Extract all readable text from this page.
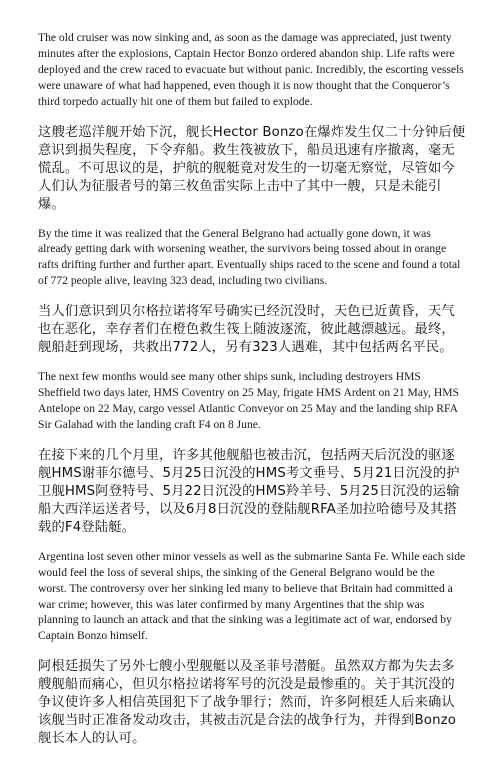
The old cruiser was now sinking and, as soon as the damage was appreciated, just twenty minutes after the explosions, Captain Hector Bonzo ordered abandon ship. Life rafts were deployed and the crew raced to evacuate but without panic. Incredibly, the escorting vessels were unaware of what had happened, even though it is now thought that the Conqueror’s third torpedo actually hit one of them but failed to explode.

这艘老巡洋舰开始下沉，舰长Hector Bonzo在爆炸发生仅二十分钟后便意识到损失程度，下令弃船。救生筏被放下，船员迅速有序撤离，毫无慌乱。不可思议的是，护航的舰艇竟对发生的一切毫无察觉，尽管如今人们认为征服者号的第三枚鱼雷实际上击中了其中一艘，只是未能引爆。

By the time it was realized that the General Belgrano had actually gone down, it was already getting dark with worsening weather, the survivors being tossed about in orange rafts drifting further and further apart. Eventually ships raced to the scene and found a total of 772 people alive, leaving 323 dead, including two civilians.

当人们意识到贝尔格拉诺将军号确实已经沉没时，天色已近黄昏，天气也在恶化，幸存者们在橙色救生筏上随波逐流，彼此越漂越远。最终，舰船赶到现场，共救出772人，另有323人遇难，其中包括两名平民。

The next few months would see many other ships sunk, including destroyers HMS Sheffield two days later, HMS Coventry on 25 May, frigate HMS Ardent on 21 May, HMS Antelope on 22 May, cargo vessel Atlantic Conveyor on 25 May and the landing ship RFA Sir Galahad with the landing craft F4 on 8 June.

在接下来的几个月里，许多其他舰船也被击沉，包括两天后沉没的驱逐舰HMS谢菲尔德号、5月25日沉没的HMS考文垂号、5月21日沉没的护卫舰HMS阿登特号、5月22日沉没的HMS羚羊号、5月25日沉没的运输船大西洋运送者号，以及6月8日沉没的登陆舰RFA圣加拉哈德号及其搭载的F4登陆艇。

Argentina lost seven other minor vessels as well as the submarine Santa Fe. While each side would feel the loss of several ships, the sinking of the General Belgrano would be the worst. The controversy over her sinking led many to believe that Britain had committed a war crime; however, this was later confirmed by many Argentines that the ship was planning to launch an attack and that the sinking was a legitimate act of war, endorsed by Captain Bonzo himself.

阿根廷损失了另外七艘小型舰艇以及圣菲号潜艇。虽然双方都为失去多艘舰船而痛心，但贝尔格拉诺将军号的沉没是最惨重的。关于其沉没的争议使许多人相信英国犯下了战争罪行；然而，许多阿根廷人后来确认该舰当时正准备发动攻击，其被击沉是合法的战争行为，并得到Bonzo舰长本人的认可。
